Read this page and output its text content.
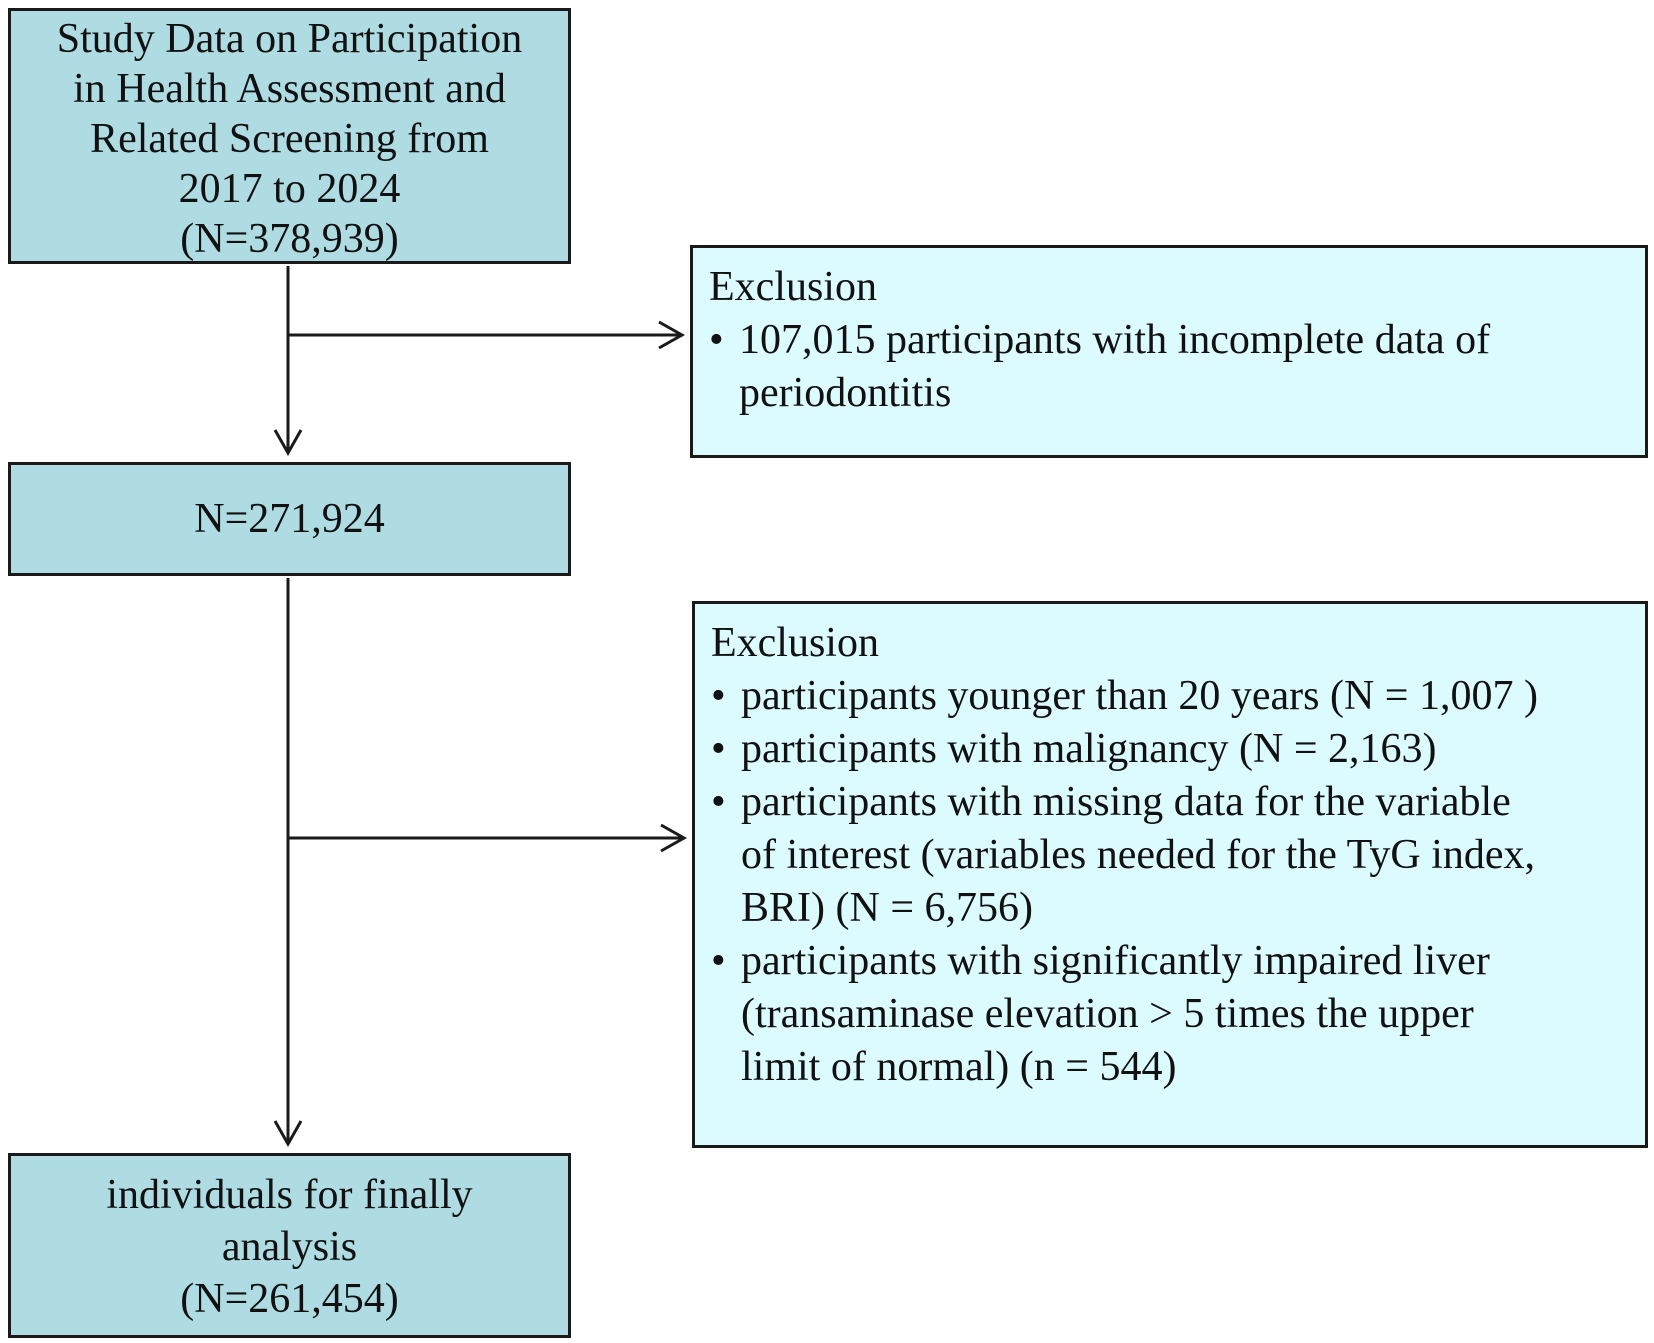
Study Data on Participation
in Health Assessment and
Related Screening from
2017 to 2024
(N=378,939)
Exclusion
• 107,015 participants with incomplete data of
periodontitis
N=271,924
Exclusion
• participants younger than 20 years (N = 1,007 )
• participants with malignancy (N = 2,163)
• participants with missing data for the variable
of interest (variables needed for the TyG index,
BRI) (N = 6,756)
• participants with significantly impaired liver
(transaminase elevation > 5 times the upper
limit of normal) (n = 544)
individuals for finally
analysis
(N=261,454)
